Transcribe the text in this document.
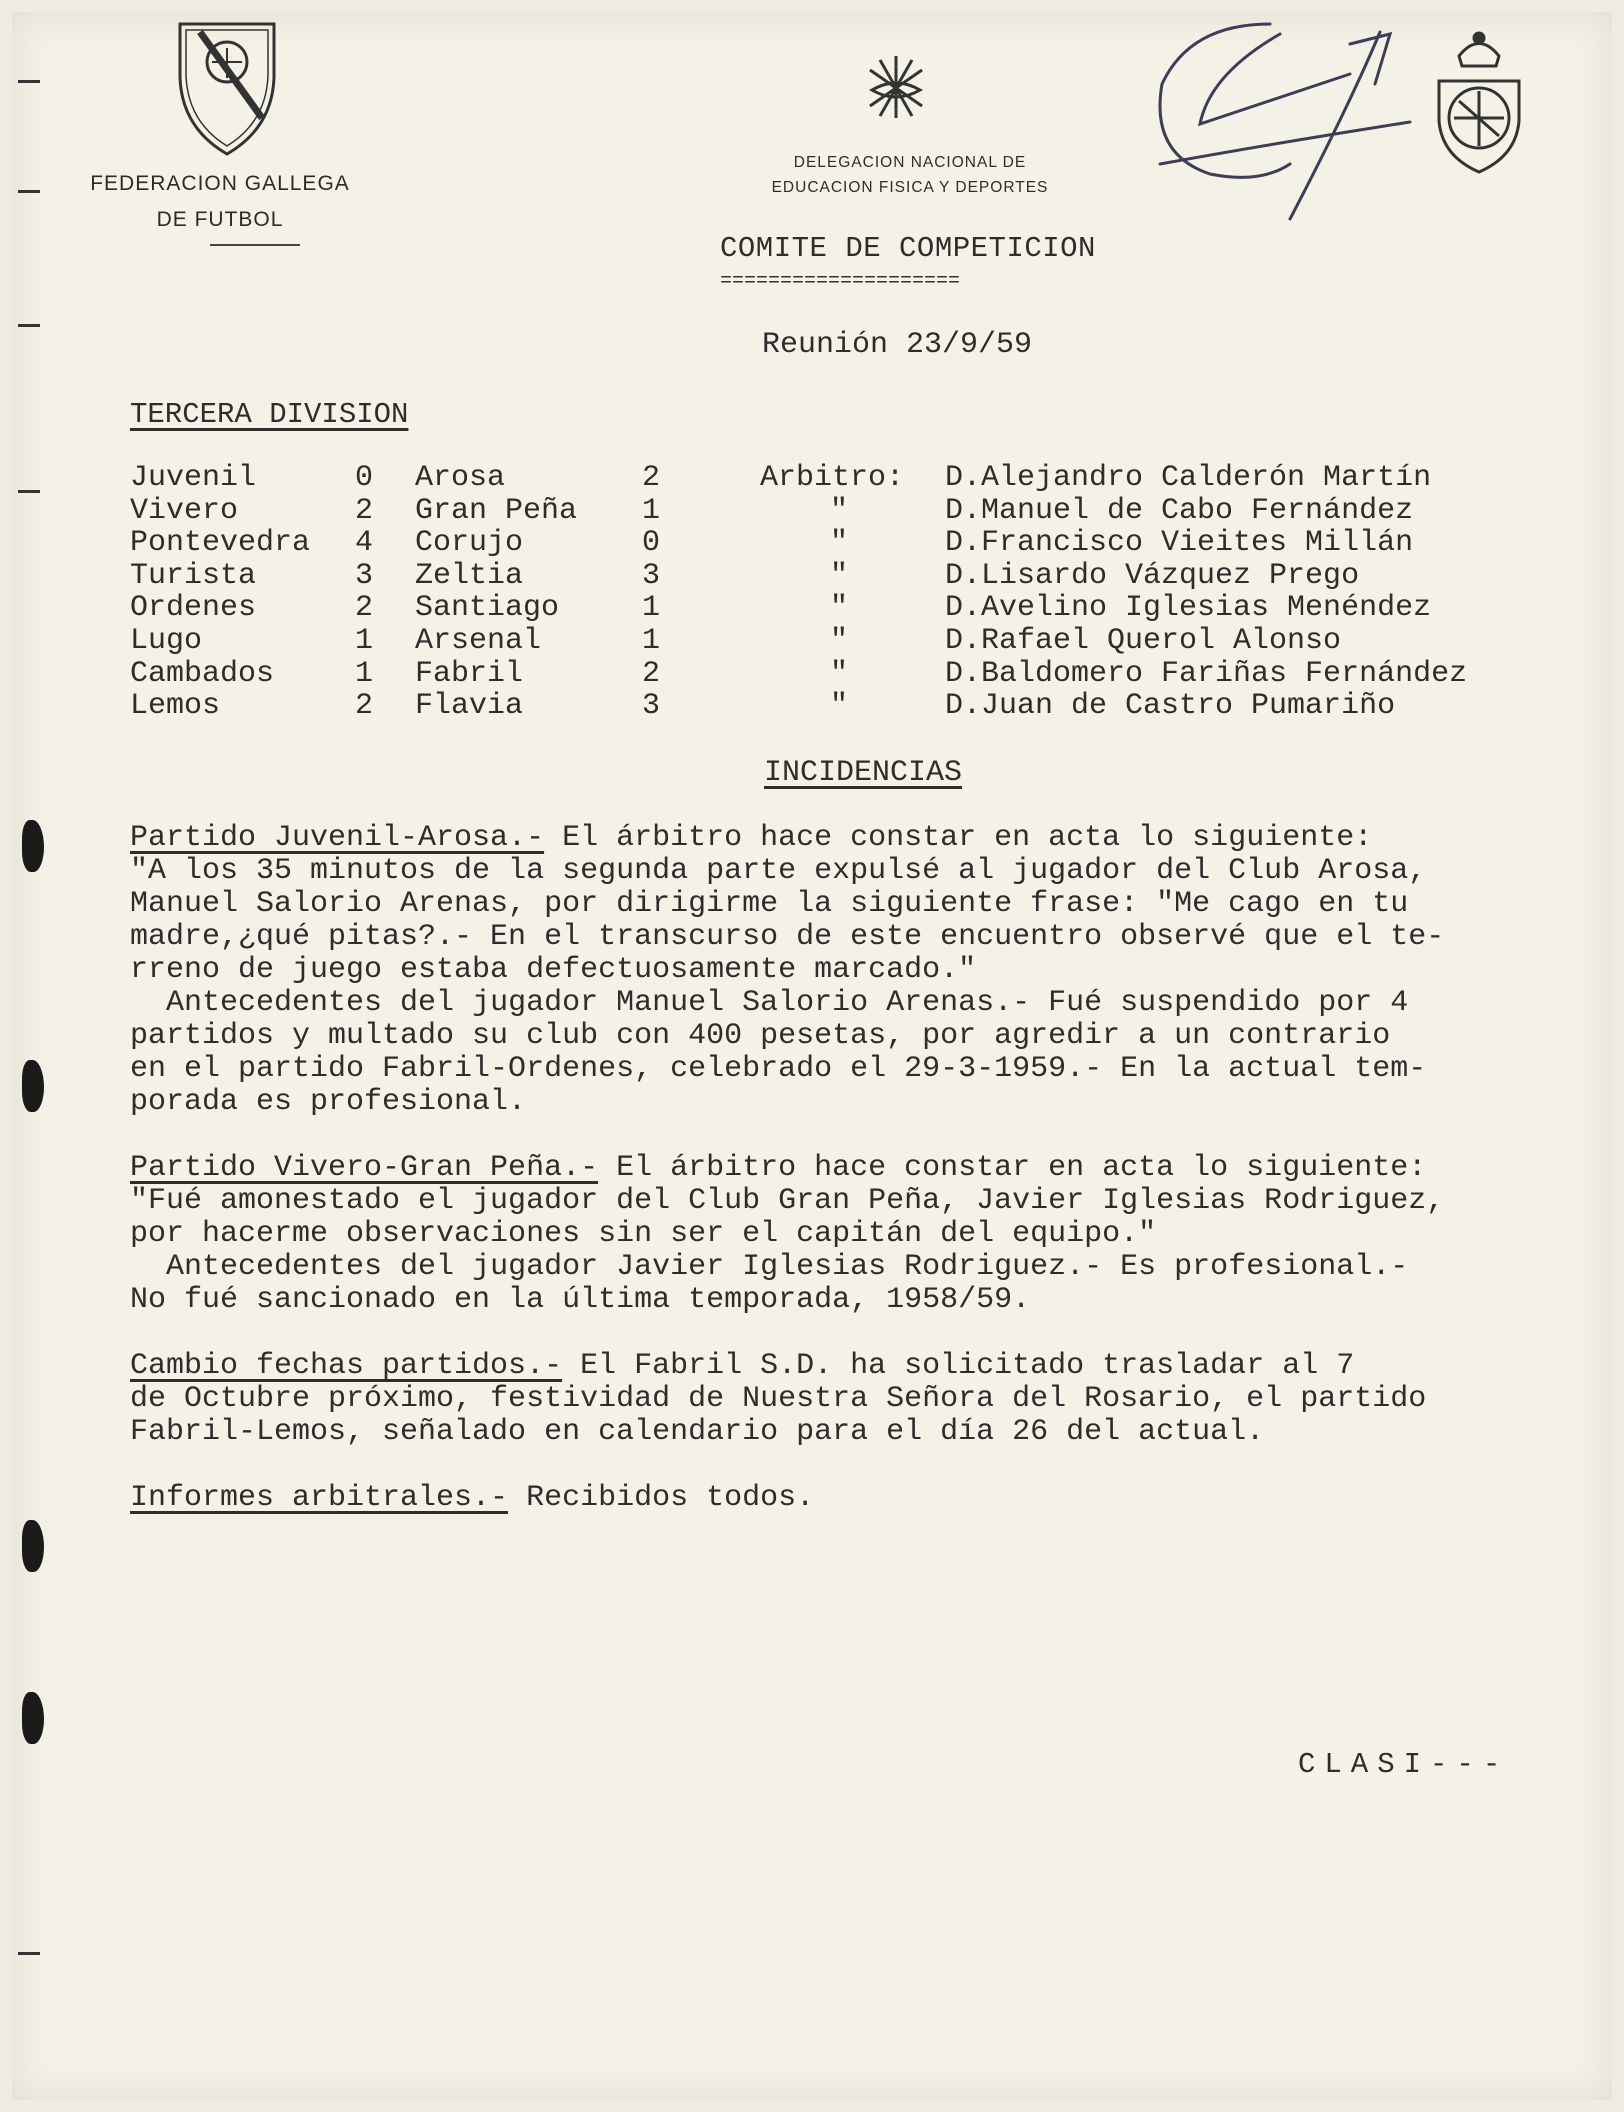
FEDERACION GALLEGA
DE FUTBOL
DELEGACION NACIONAL DE
EDUCACION FISICA Y DEPORTES
COMITE DE COMPETICION
====================
Reunión 23/9/59
TERCERA DIVISION
Juvenil	0 Arosa	2	Arbitro: D.Alejandro Calderón Martín
Vivero	2 Gran Peña 1	"	D.Manuel de Cabo Fernández
Pontevedra 4 Corujo	0	"	D.Francisco Vieites Millán
Turista	3 Zeltia	3	"	D.Lisardo Vázquez Prego
Ordenes	2 Santiago	1	"	D.Avelino Iglesias Menéndez
Lugo	1 Arsenal	1	"	D.Rafael Querol Alonso
Cambados	1 Fabril	2	"	D.Baldomero Fariñas Fernández
Lemos	2 Flavia	3	"	D.Juan de Castro Pumariño
INCIDENCIAS
Partido Juvenil-Arosa.- El árbitro hace constar en acta lo siguiente:
"A los 35 minutos de la segunda parte expulsé al jugador del Club Arosa,
Manuel Salorio Arenas, por dirigirme la siguiente frase: "Me cago en tu
madre,¿qué pitas?.- En el transcurso de este encuentro observé que el te-
rreno de juego estaba defectuosamente marcado."
Antecedentes del jugador Manuel Salorio Arenas.- Fué suspendido por 4
partidos y multado su club con 400 pesetas, por agredir a un contrario
en el partido Fabril-Ordenes, celebrado el 29-3-1959.- En la actual tem-
porada es profesional.
Partido Vivero-Gran Peña.- El árbitro hace constar en acta lo siguiente:
"Fué amonestado el jugador del Club Gran Peña, Javier Iglesias Rodriguez,
por hacerme observaciones sin ser el capitán del equipo."
Antecedentes del jugador Javier Iglesias Rodriguez.- Es profesional.-
No fué sancionado en la última temporada, 1958/59.
Cambio fechas partidos.- El Fabril S.D. ha solicitado trasladar al 7
de Octubre próximo, festividad de Nuestra Señora del Rosario, el partido
Fabril-Lemos, señalado en calendario para el día 26 del actual.
Informes arbitrales.- Recibidos todos.
CLASI---
